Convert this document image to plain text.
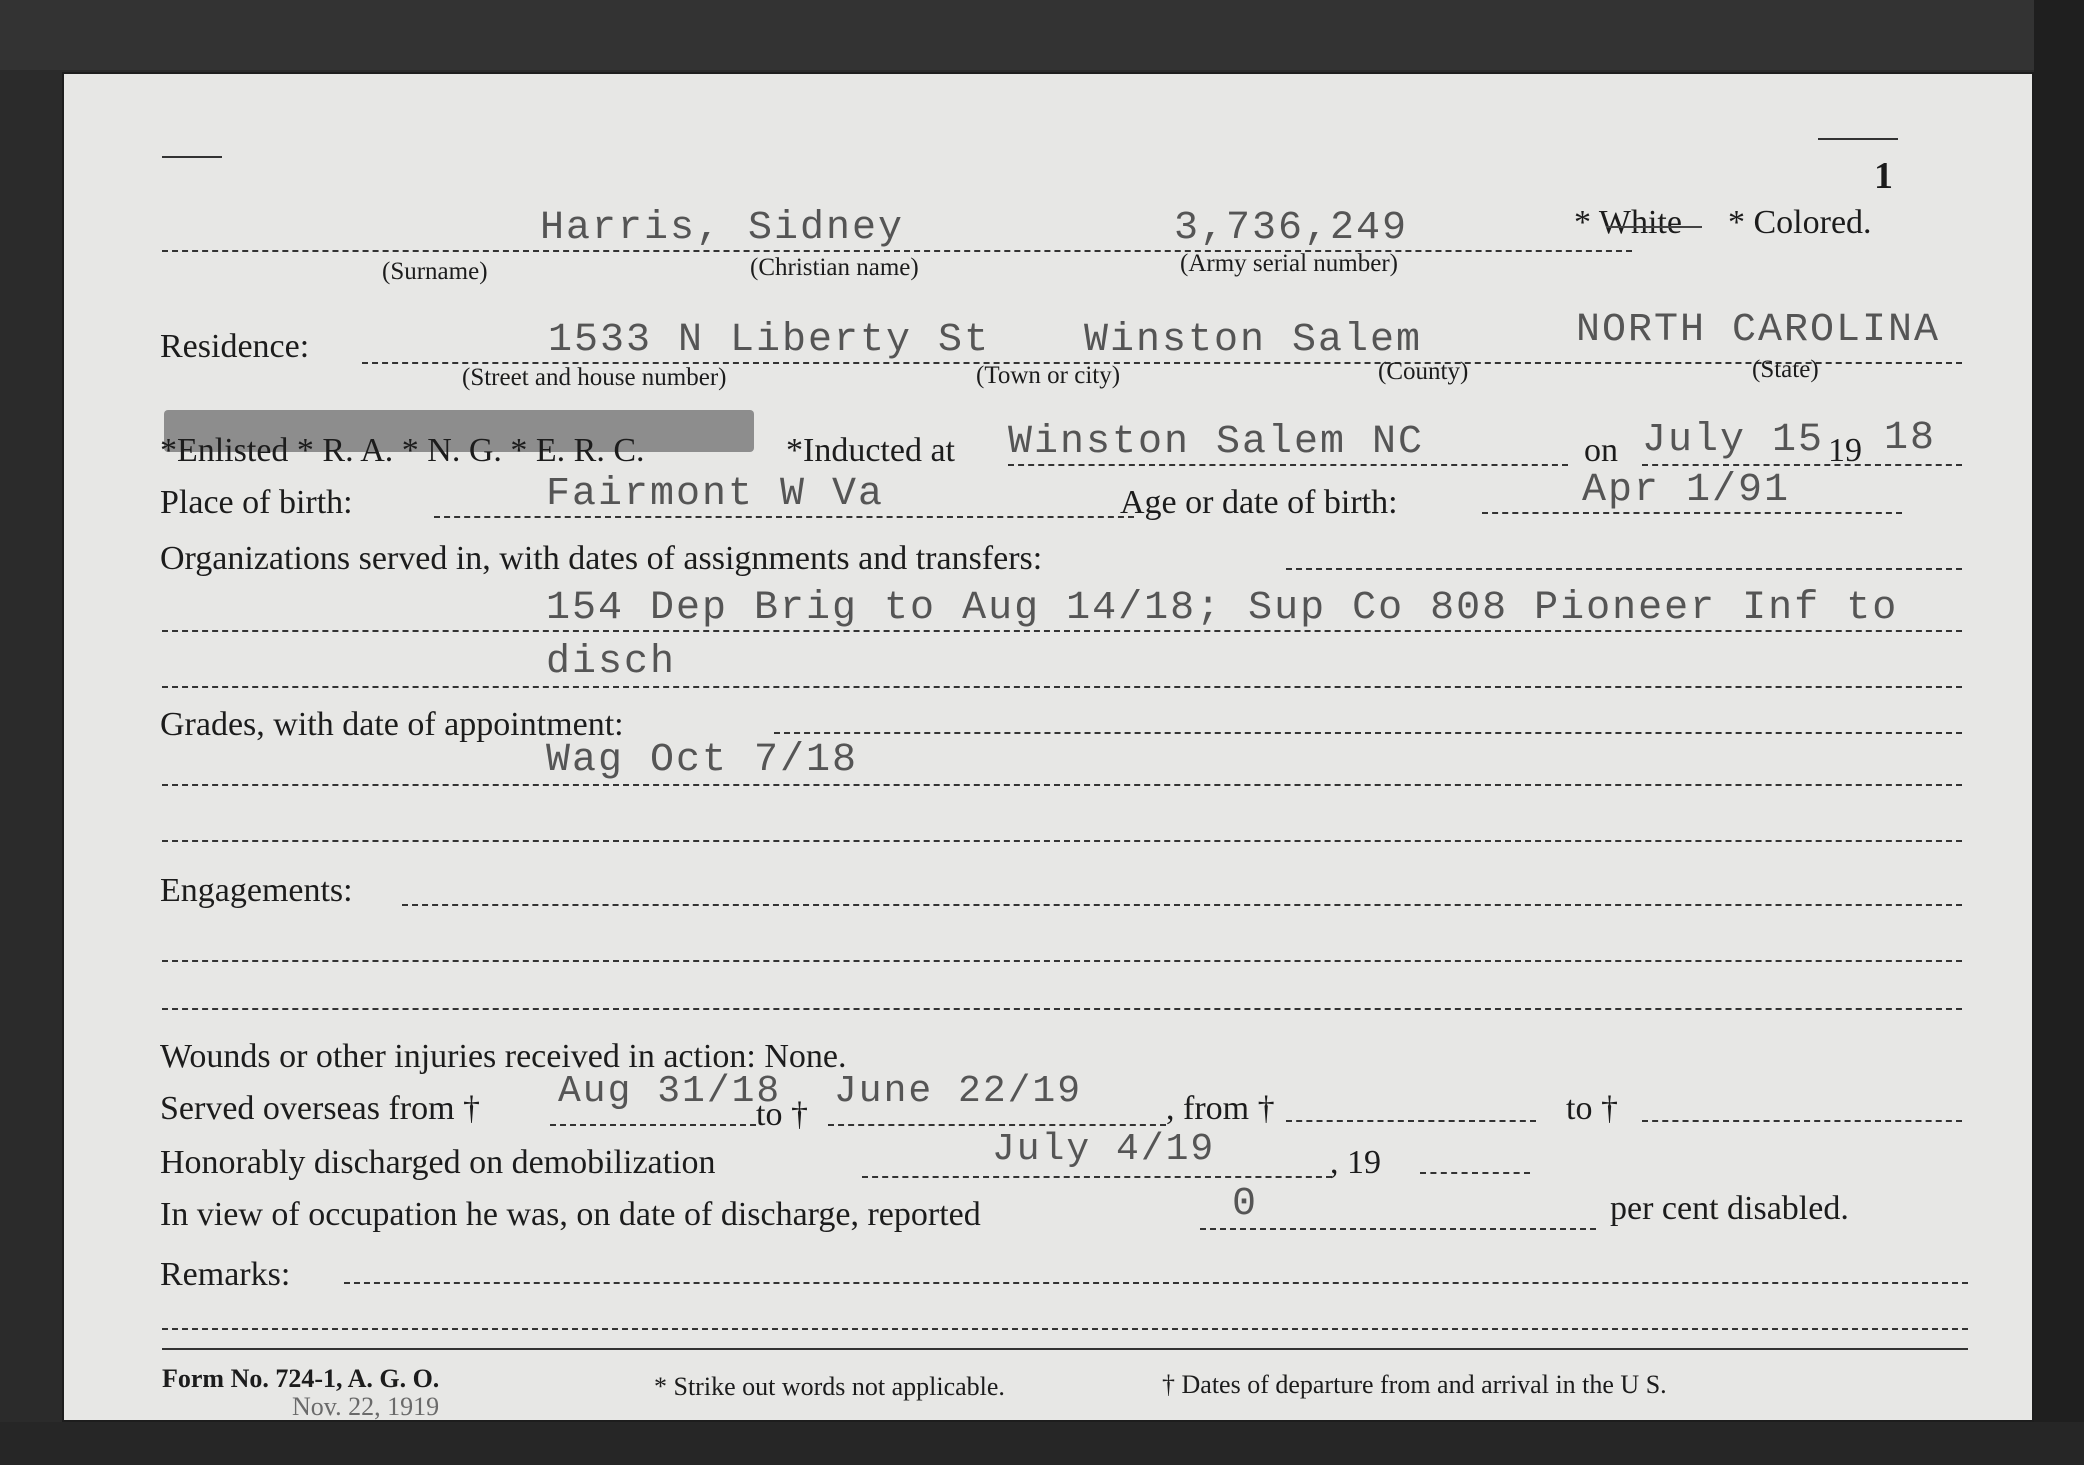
1
Harris, Sidney	3,736,249	* White * Colored.
(Surname)	(Christian name)	(Army serial number)
Residence:	1533 N Liberty St Winston Salem	NORTH CAROLINA
(Street and house number)	(Town or city)	(County)	(State)
*Enlisted * R. A. * N. G. * E. R. C.	*Inducted at Winston Salem NC	on July 15 19 18
Place of birth:	Fairmont W Va	Age or date of birth:	Apr 1/91
Organizations served in, with dates of assignments and transfers:
154 Dep Brig to Aug 14/18; Sup Co 808 Pioneer Inf to
disch
Grades, with date of appointment:
Wag Oct 7/18
Engagements:
Wounds or other injuries received in action: None.
Served overseas from † Aug 31/18
to †
June 22/19 , from †	to †
Honorably discharged on demobilization	July 4/19	, 19
In view of occupation he was, on date of discharge, reported	0	per cent disabled.
Remarks:
Form No. 724-1, A. G. O.
Nov. 22, 1919
* Strike out words not applicable.	† Dates of departure from and arrival in the U S.
